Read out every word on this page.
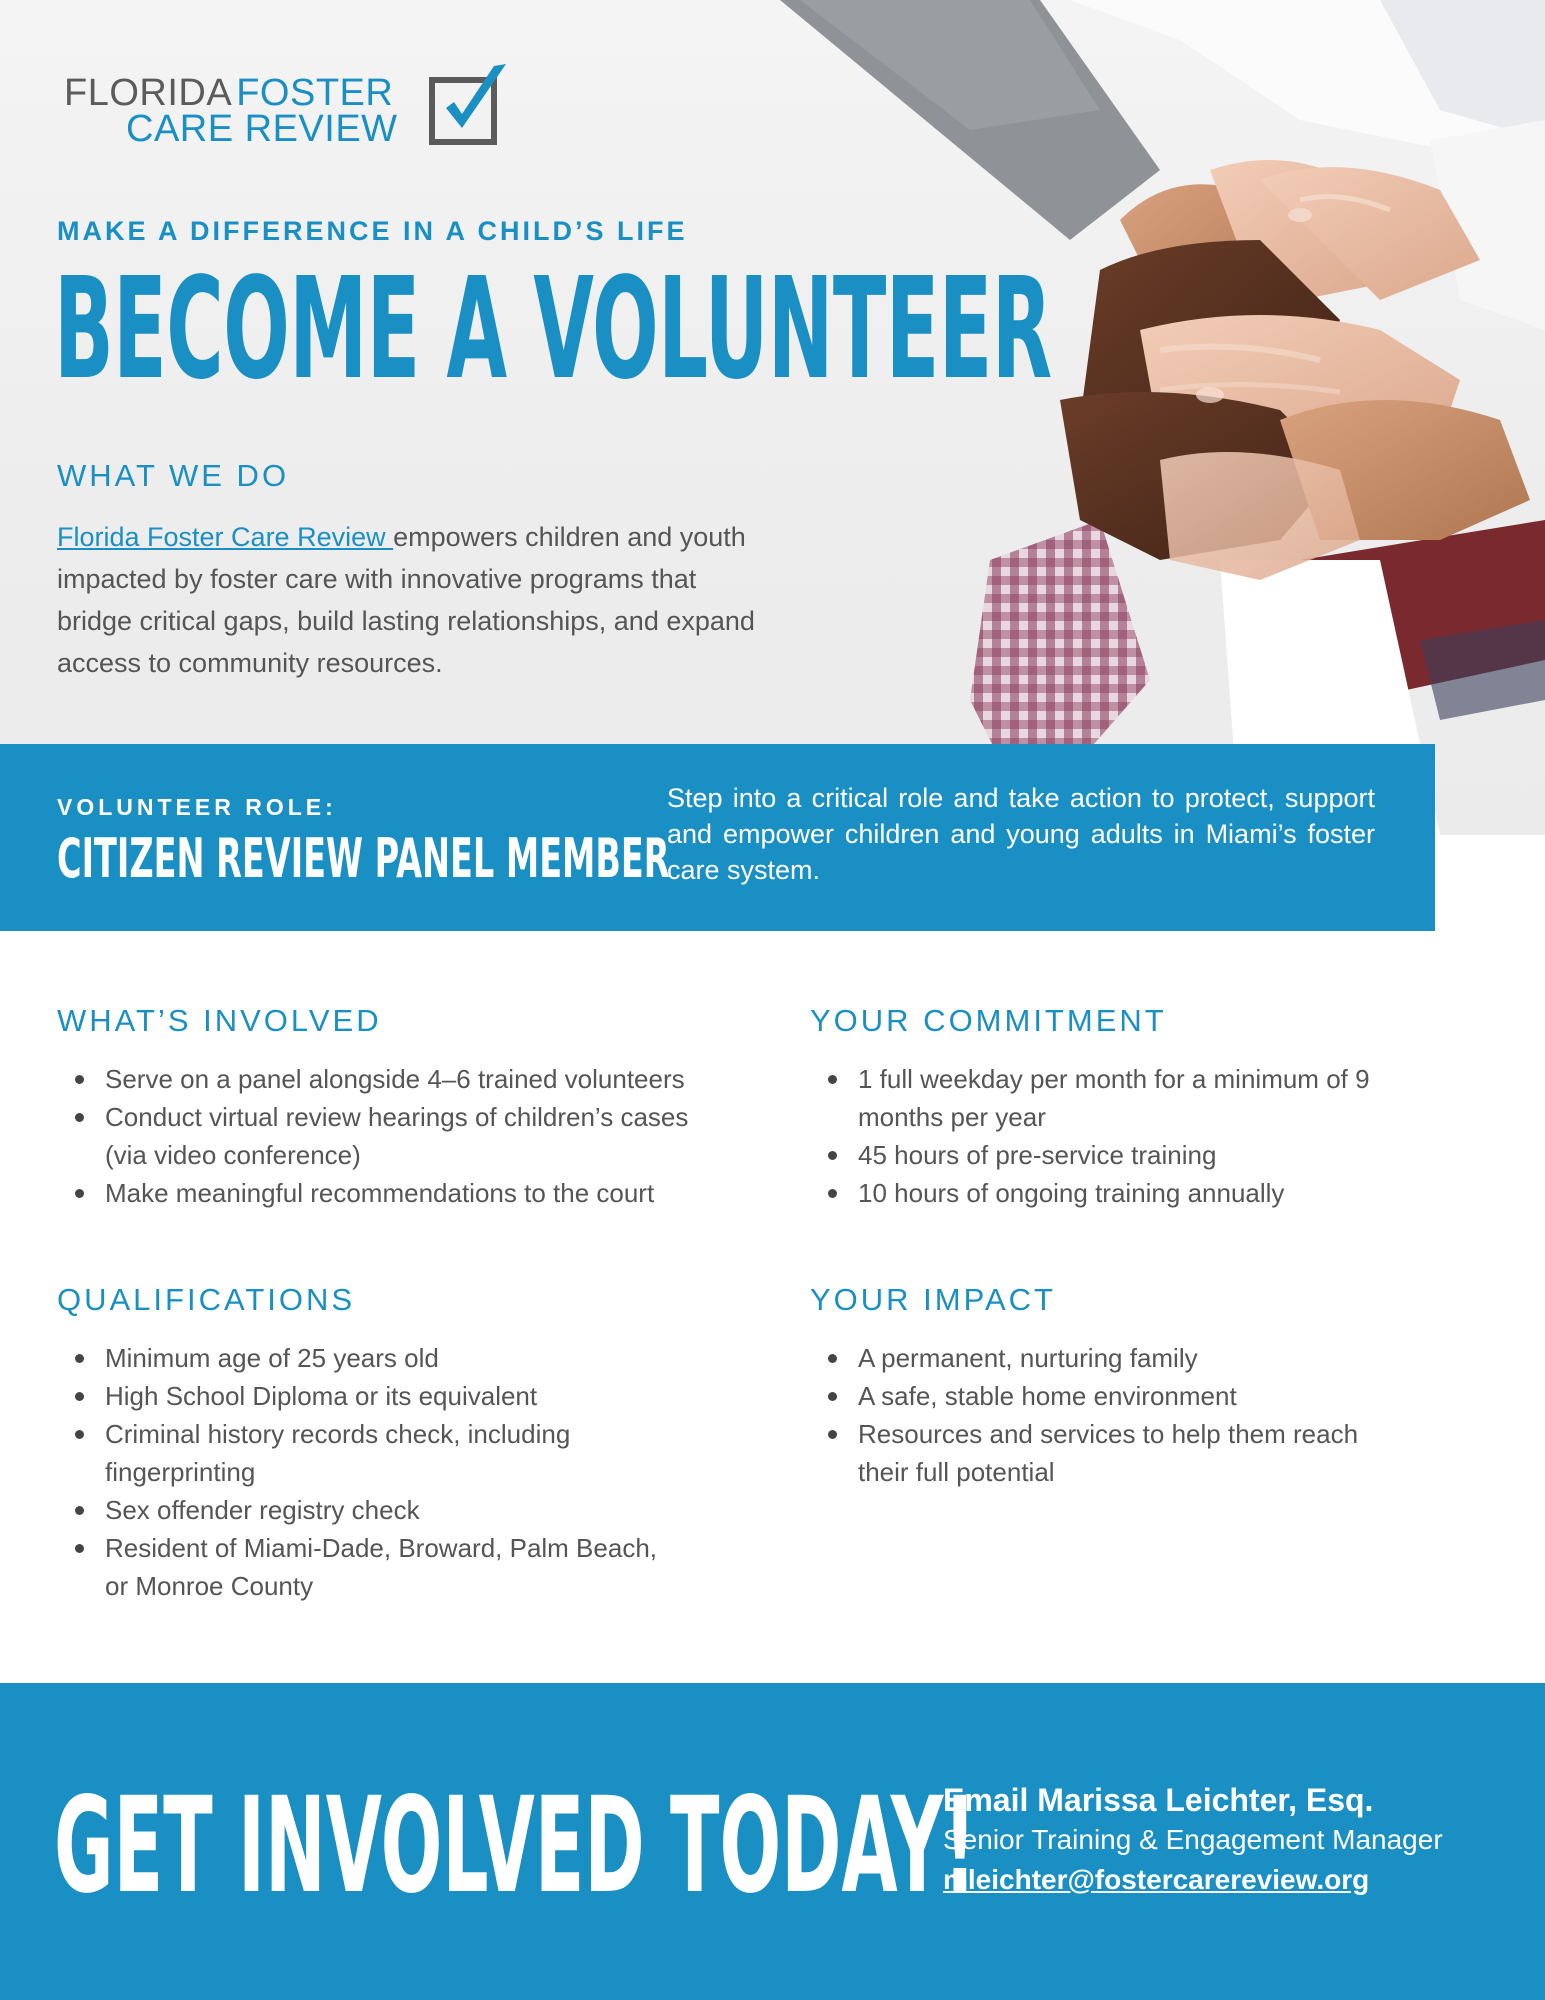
FLORIDA FOSTER
CARE REVIEW
MAKE A DIFFERENCE IN A CHILD’S LIFE
BECOME A VOLUNTEER
WHAT WE DO

Florida Foster Care Review empowers children and youth impacted by foster care with innovative programs that bridge critical gaps, build lasting relationships, and expand access to community resources.

VOLUNTEER ROLE:
CITIZEN REVIEW PANEL MEMBER

Step into a critical role and take action to protect, support and empower children and young adults in Miami’s foster care system.

WHAT’S INVOLVED
Serve on a panel alongside 4–6 trained volunteers
Conduct virtual review hearings of children’s cases (via video conference)
Make meaningful recommendations to the court
YOUR COMMITMENT
1 full weekday per month for a minimum of 9 months per year
45 hours of pre-service training
10 hours of ongoing training annually
QUALIFICATIONS
Minimum age of 25 years old
High School Diploma or its equivalent
Criminal history records check, including fingerprinting
Sex offender registry check
Resident of Miami-Dade, Broward, Palm Beach, or Monroe County
YOUR IMPACT
A permanent, nurturing family
A safe, stable home environment
Resources and services to help them reach their full potential
GET INVOLVED TODAY!
Email Marissa Leichter, Esq.
Senior Training & Engagement Manager
mleichter@fostercarereview.org
